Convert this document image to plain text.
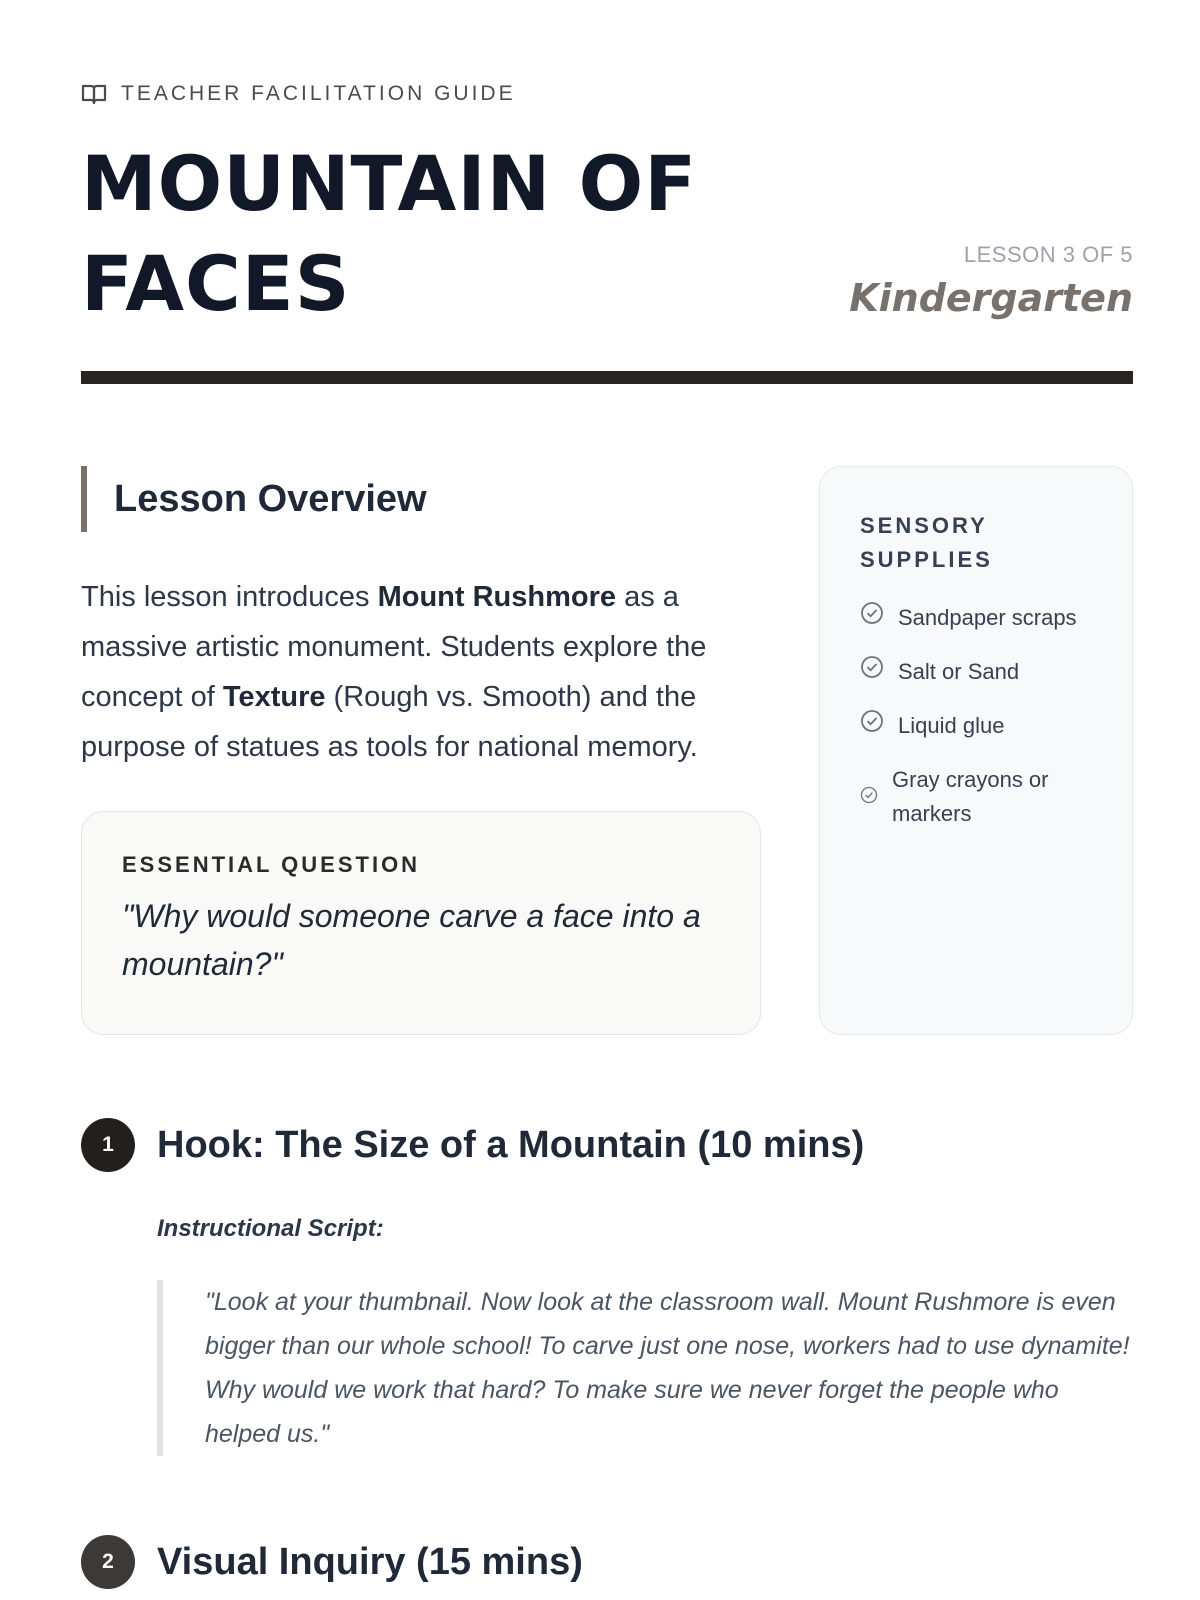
TEACHER FACILITATION GUIDE
MOUNTAIN OF
FACES	LESSON 3 OF 5
Kindergarten
Lesson Overview

This lesson introduces Mount Rushmore as a massive artistic monument. Students explore the concept of Texture (Rough vs. Smooth) and the purpose of statues as tools for national memory.

ESSENTIAL QUESTION
"Why would someone carve a face into a mountain?"
SENSORY SUPPLIES
Sandpaper scraps
Salt or Sand
Liquid glue
Gray crayons or markers
1	Hook: The Size of a Mountain (10 mins)
Instructional Script:
"Look at your thumbnail. Now look at the classroom wall. Mount Rushmore is even bigger than our whole school! To carve just one nose, workers had to use dynamite! Why would we work that hard? To make sure we never forget the people who helped us."
2	Visual Inquiry (15 mins)
